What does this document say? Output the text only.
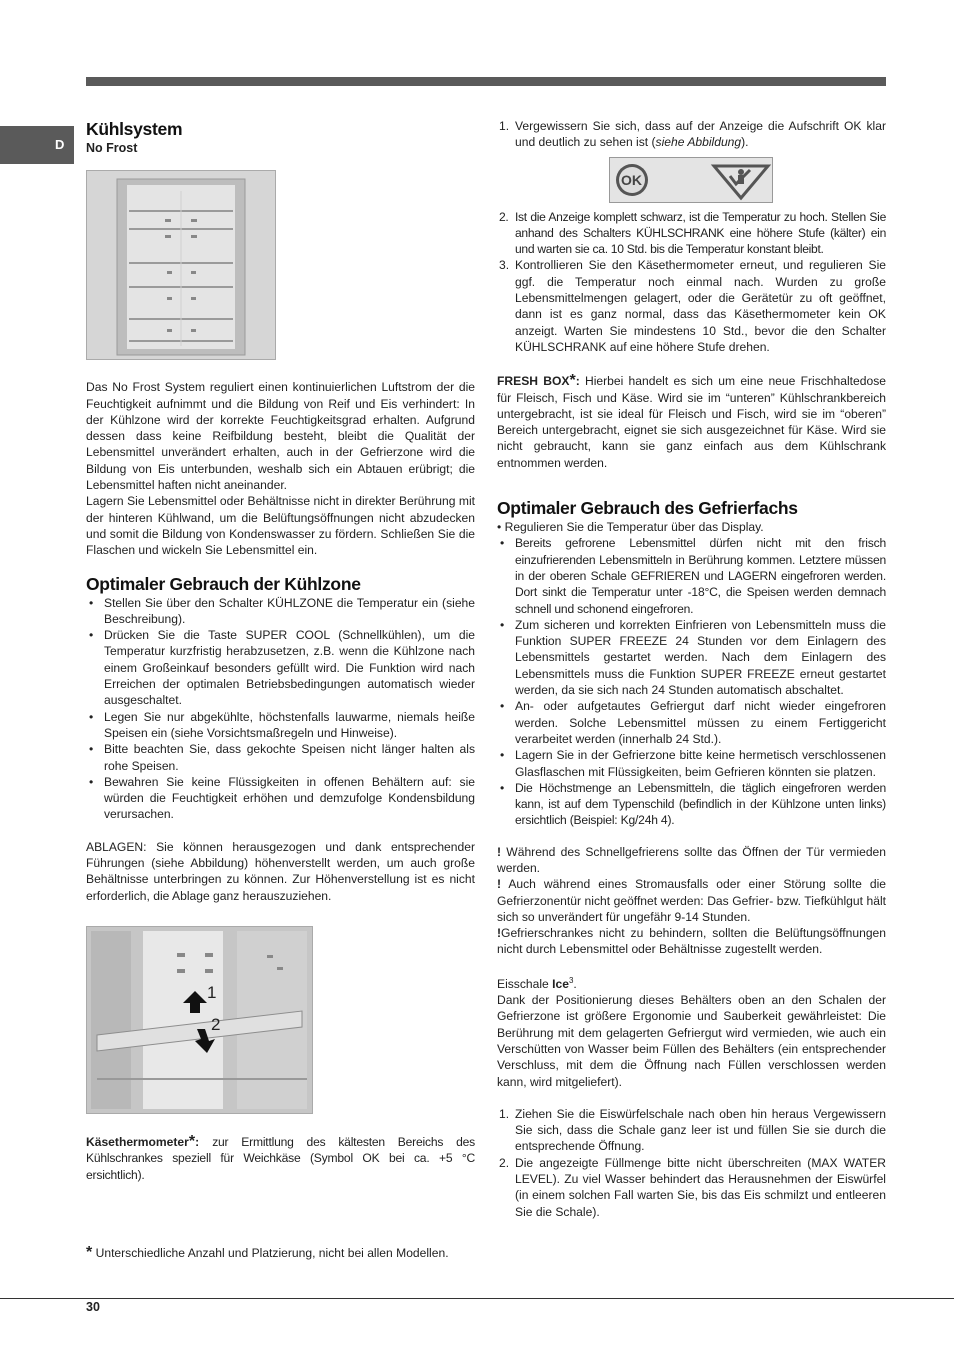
D
Kühlsystem
No Frost

Das No Frost System reguliert einen kontinuierlichen Luftstrom der die Feuchtigkeit aufnimmt und die Bildung von Reif und Eis verhindert: In der Kühlzone wird der korrekte Feuchtigkeitsgrad erhalten. Aufgrund dessen dass keine Reifbildung besteht, bleibt die Qualität der Lebensmittel unverändert erhalten, auch in der Gefrierzone wird die Bildung von Eis unterbunden, weshalb sich ein Abtauen erübrigt; die Lebensmittel haften nicht aneinander.

Lagern Sie Lebensmittel oder Behältnisse nicht in direkter Berührung mit der hinteren Kühlwand, um die Belüftungsöffnungen nicht abzudecken und somit die Bildung von Kondenswasser zu fördern. Schließen Sie die Flaschen und wickeln Sie Lebensmittel ein.

Optimaler Gebrauch der Kühlzone
• Stellen Sie über den Schalter KÜHLZONE die Temperatur ein (siehe Beschreibung).
• Drücken Sie die Taste SUPER COOL (Schnellkühlen), um die Temperatur kurzfristig herabzusetzen, z.B. wenn die Kühlzone nach einem Großeinkauf besonders gefüllt wird. Die Funktion wird nach Erreichen der optimalen Betriebsbedingungen automatisch wieder ausgeschaltet.
• Legen Sie nur abgekühlte, höchstenfalls lauwarme, niemals heiße Speisen ein (siehe Vorsichtsmaßregeln und Hinweise).
• Bitte beachten Sie, dass gekochte Speisen nicht länger halten als rohe Speisen.
• Bewahren Sie keine Flüssigkeiten in offenen Behältern auf: sie würden die Feuchtigkeit erhöhen und demzufolge Kondensbildung verursachen.

ABLAGEN: Sie können herausgezogen und dank entsprechender Führungen (siehe Abbildung) höhenverstellt werden, um auch große Behältnisse unterbringen zu können. Zur Höhenverstellung ist es nicht erforderlich, die Ablage ganz herauszuziehen.

1
2

Käsethermometer*: zur Ermittlung des kältesten Bereichs des Kühlschrankes speziell für Weichkäse (Symbol OK bei ca. +5 °C ersichtlich).

* Unterschiedliche Anzahl und Platzierung, nicht bei allen Modellen.
1. Vergewissern Sie sich, dass auf der Anzeige die Aufschrift OK klar und deutlich zu sehen ist (siehe Abbildung).
OK
2. Ist die Anzeige komplett schwarz, ist die Temperatur zu hoch. Stellen Sie anhand des Schalters KÜHLSCHRANK eine höhere Stufe (kälter) ein und warten sie ca. 10 Std. bis die Temperatur konstant bleibt.
3. Kontrollieren Sie den Käsethermometer erneut, und regulieren Sie ggf. die Temperatur noch einmal nach. Wurden zu große Lebensmittelmengen gelagert, oder die Gerätetür zu oft geöffnet, dann ist es ganz normal, dass das Käsethermometer kein OK anzeigt. Warten Sie mindestens 10 Std., bevor die den Schalter KÜHLSCHRANK auf eine höhere Stufe drehen.

FRESH BOX*: Hierbei handelt es sich um eine neue Frischhaltedose für Fleisch, Fisch und Käse. Wird sie im “unteren” Kühlschrankbereich untergebracht, ist sie ideal für Fleisch und Fisch, wird sie im “oberen” Bereich untergebracht, eignet sie sich ausgezeichnet für Käse. Wird sie nicht gebraucht, kann sie ganz einfach aus dem Kühlschrank entnommen werden.

Optimaler Gebrauch des Gefrierfachs

• Regulieren Sie die Temperatur über das Display.

• Bereits gefrorene Lebensmittel dürfen nicht mit den frisch einzufrierenden Lebensmitteln in Berührung kommen. Letztere müssen in der oberen Schale GEFRIEREN und LAGERN eingefroren werden. Dort sinkt die Temperatur unter -18°C, die Speisen werden demnach schnell und schonend eingefroren.
• Zum sicheren und korrekten Einfrieren von Lebensmitteln muss die Funktion SUPER FREEZE 24 Stunden vor dem Einlagern des Lebensmittels gestartet werden. Nach dem Einlagern des Lebensmittels muss die Funktion SUPER FREEZE erneut gestartet werden, da sie sich nach 24 Stunden automatisch abschaltet.
• An- oder aufgetautes Gefriergut darf nicht wieder eingefroren werden. Solche Lebensmittel müssen zu einem Fertiggericht verarbeitet werden (innerhalb 24 Std.).
• Lagern Sie in der Gefrierzone bitte keine hermetisch verschlossenen Glasflaschen mit Flüssigkeiten, beim Gefrieren könnten sie platzen.
• Die Höchstmenge an Lebensmitteln, die täglich eingefroren werden kann, ist auf dem Typenschild (befindlich in der Kühlzone unten links) ersichtlich (Beispiel: Kg/24h 4).

! Während des Schnellgefrierens sollte das Öffnen der Tür vermieden werden.

! Auch während eines Stromausfalls oder einer Störung sollte die Gefrierzonentür nicht geöffnet werden: Das Gefrier- bzw. Tiefkühlgut hält sich so unverändert für ungefähr 9-14 Stunden.

!Gefrierschrankes nicht zu behindern, sollten die Belüftungsöffnungen nicht durch Lebensmittel oder Behältnisse zugestellt werden.

Eisschale Ice$^3$.

Dank der Positionierung dieses Behälters oben an den Schalen der Gefrierzone ist größere Ergonomie und Sauberkeit gewährleistet: Die Berührung mit dem gelagerten Gefriergut wird vermieden, wie auch ein Verschütten von Wasser beim Füllen des Behälters (ein entsprechender Verschluss, mit dem die Öffnung nach Füllen verschlossen werden kann, wird mitgeliefert).

1. Ziehen Sie die Eiswürfelschale nach oben hin heraus Vergewissern Sie sich, dass die Schale ganz leer ist und füllen Sie sie durch die entsprechende Öffnung.
2. Die angezeigte Füllmenge bitte nicht überschreiten (MAX WATER LEVEL). Zu viel Wasser behindert das Herausnehmen der Eiswürfel (in einem solchen Fall warten Sie, bis das Eis schmilzt und entleeren Sie die Schale).
30
